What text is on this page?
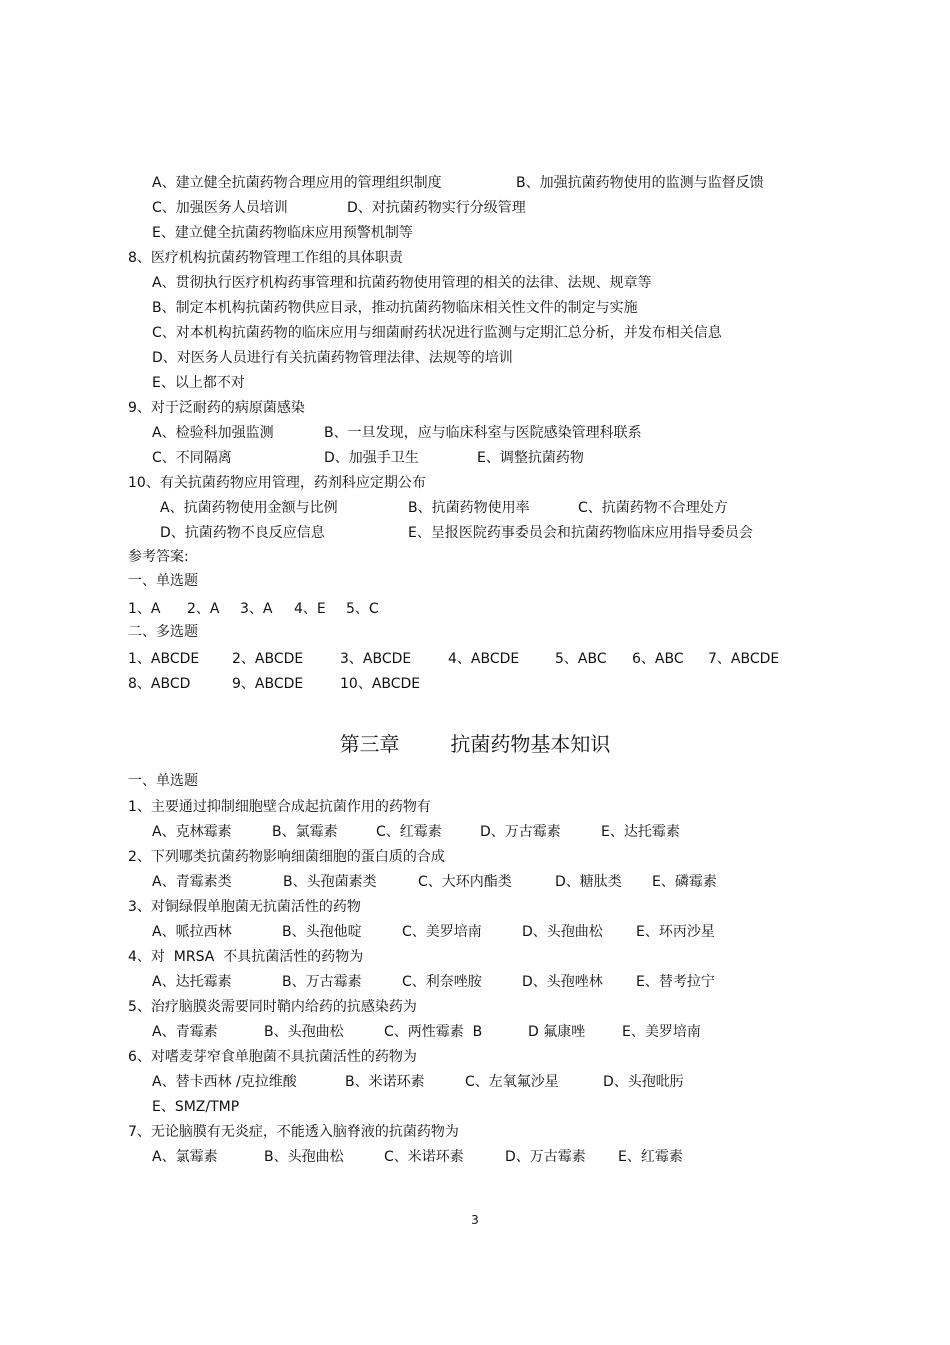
A、建立健全抗菌药物合理应用的管理组织制度	B、加强抗菌药物使用的监测与监督反馈
C、加强医务人员培训	D、对抗菌药物实行分级管理
E、建立健全抗菌药物临床应用预警机制等
8、医疗机构抗菌药物管理工作组的具体职责
A、贯彻执行医疗机构药事管理和抗菌药物使用管理的相关的法律、法规、规章等
B、制定本机构抗菌药物供应目录，推动抗菌药物临床相关性文件的制定与实施
C、对本机构抗菌药物的临床应用与细菌耐药状况进行监测与定期汇总分析，并发布相关信息
D、对医务人员进行有关抗菌药物管理法律、法规等的培训
E、以上都不对
9、对于泛耐药的病原菌感染
A、检验科加强监测	B、一旦发现，应与临床科室与医院感染管理科联系
C、不同隔离	D、加强手卫生	E、调整抗菌药物
10、有关抗菌药物应用管理，药剂科应定期公布
A、抗菌药物使用金额与比例	B、抗菌药物使用率	C、抗菌药物不合理处方
D、抗菌药物不良反应信息	E、呈报医院药事委员会和抗菌药物临床应用指导委员会
参考答案:
一、单选题
1、A 2、A 3、A 4、E 5、C
二、多选题
1、ABCDE 2、ABCDE	3、ABCDE	4、ABCDE	5、ABC 6、ABC 7、ABCDE
8、ABCD	9、ABCDE	10、ABCDE
第三章        抗菌药物基本知识
一、单选题
1、主要通过抑制细胞壁合成起抗菌作用的药物有
A、克林霉素	B、氯霉素	C、红霉素	D、万古霉素	E、达托霉素
2、下列哪类抗菌药物影响细菌细胞的蛋白质的合成
A、青霉素类	B、头孢菌素类	C、大环内酯类	D、糖肽类 E、磷霉素
3、对铜绿假单胞菌无抗菌活性的药物
A、哌拉西林	B、头孢他啶	C、美罗培南	D、头孢曲松 E、环丙沙星
4、对  MRSA  不具抗菌活性的药物为
A、达托霉素	B、万古霉素	C、利奈唑胺	D、头孢唑林 E、替考拉宁
5、治疗脑膜炎需要同时鞘内给药的抗感染药为
A、青霉素	B、头孢曲松	C、两性霉素  B	D 氟康唑	E、美罗培南
6、对嗜麦芽窄食单胞菌不具抗菌活性的药物为
A、替卡西林 /克拉维酸	B、米诺环素	C、左氧氟沙星	D、头孢吡肟
E、SMZ/TMP
7、无论脑膜有无炎症，不能透入脑脊液的抗菌药物为
A、氯霉素	B、头孢曲松	C、米诺环素	D、万古霉素 E、红霉素
3
